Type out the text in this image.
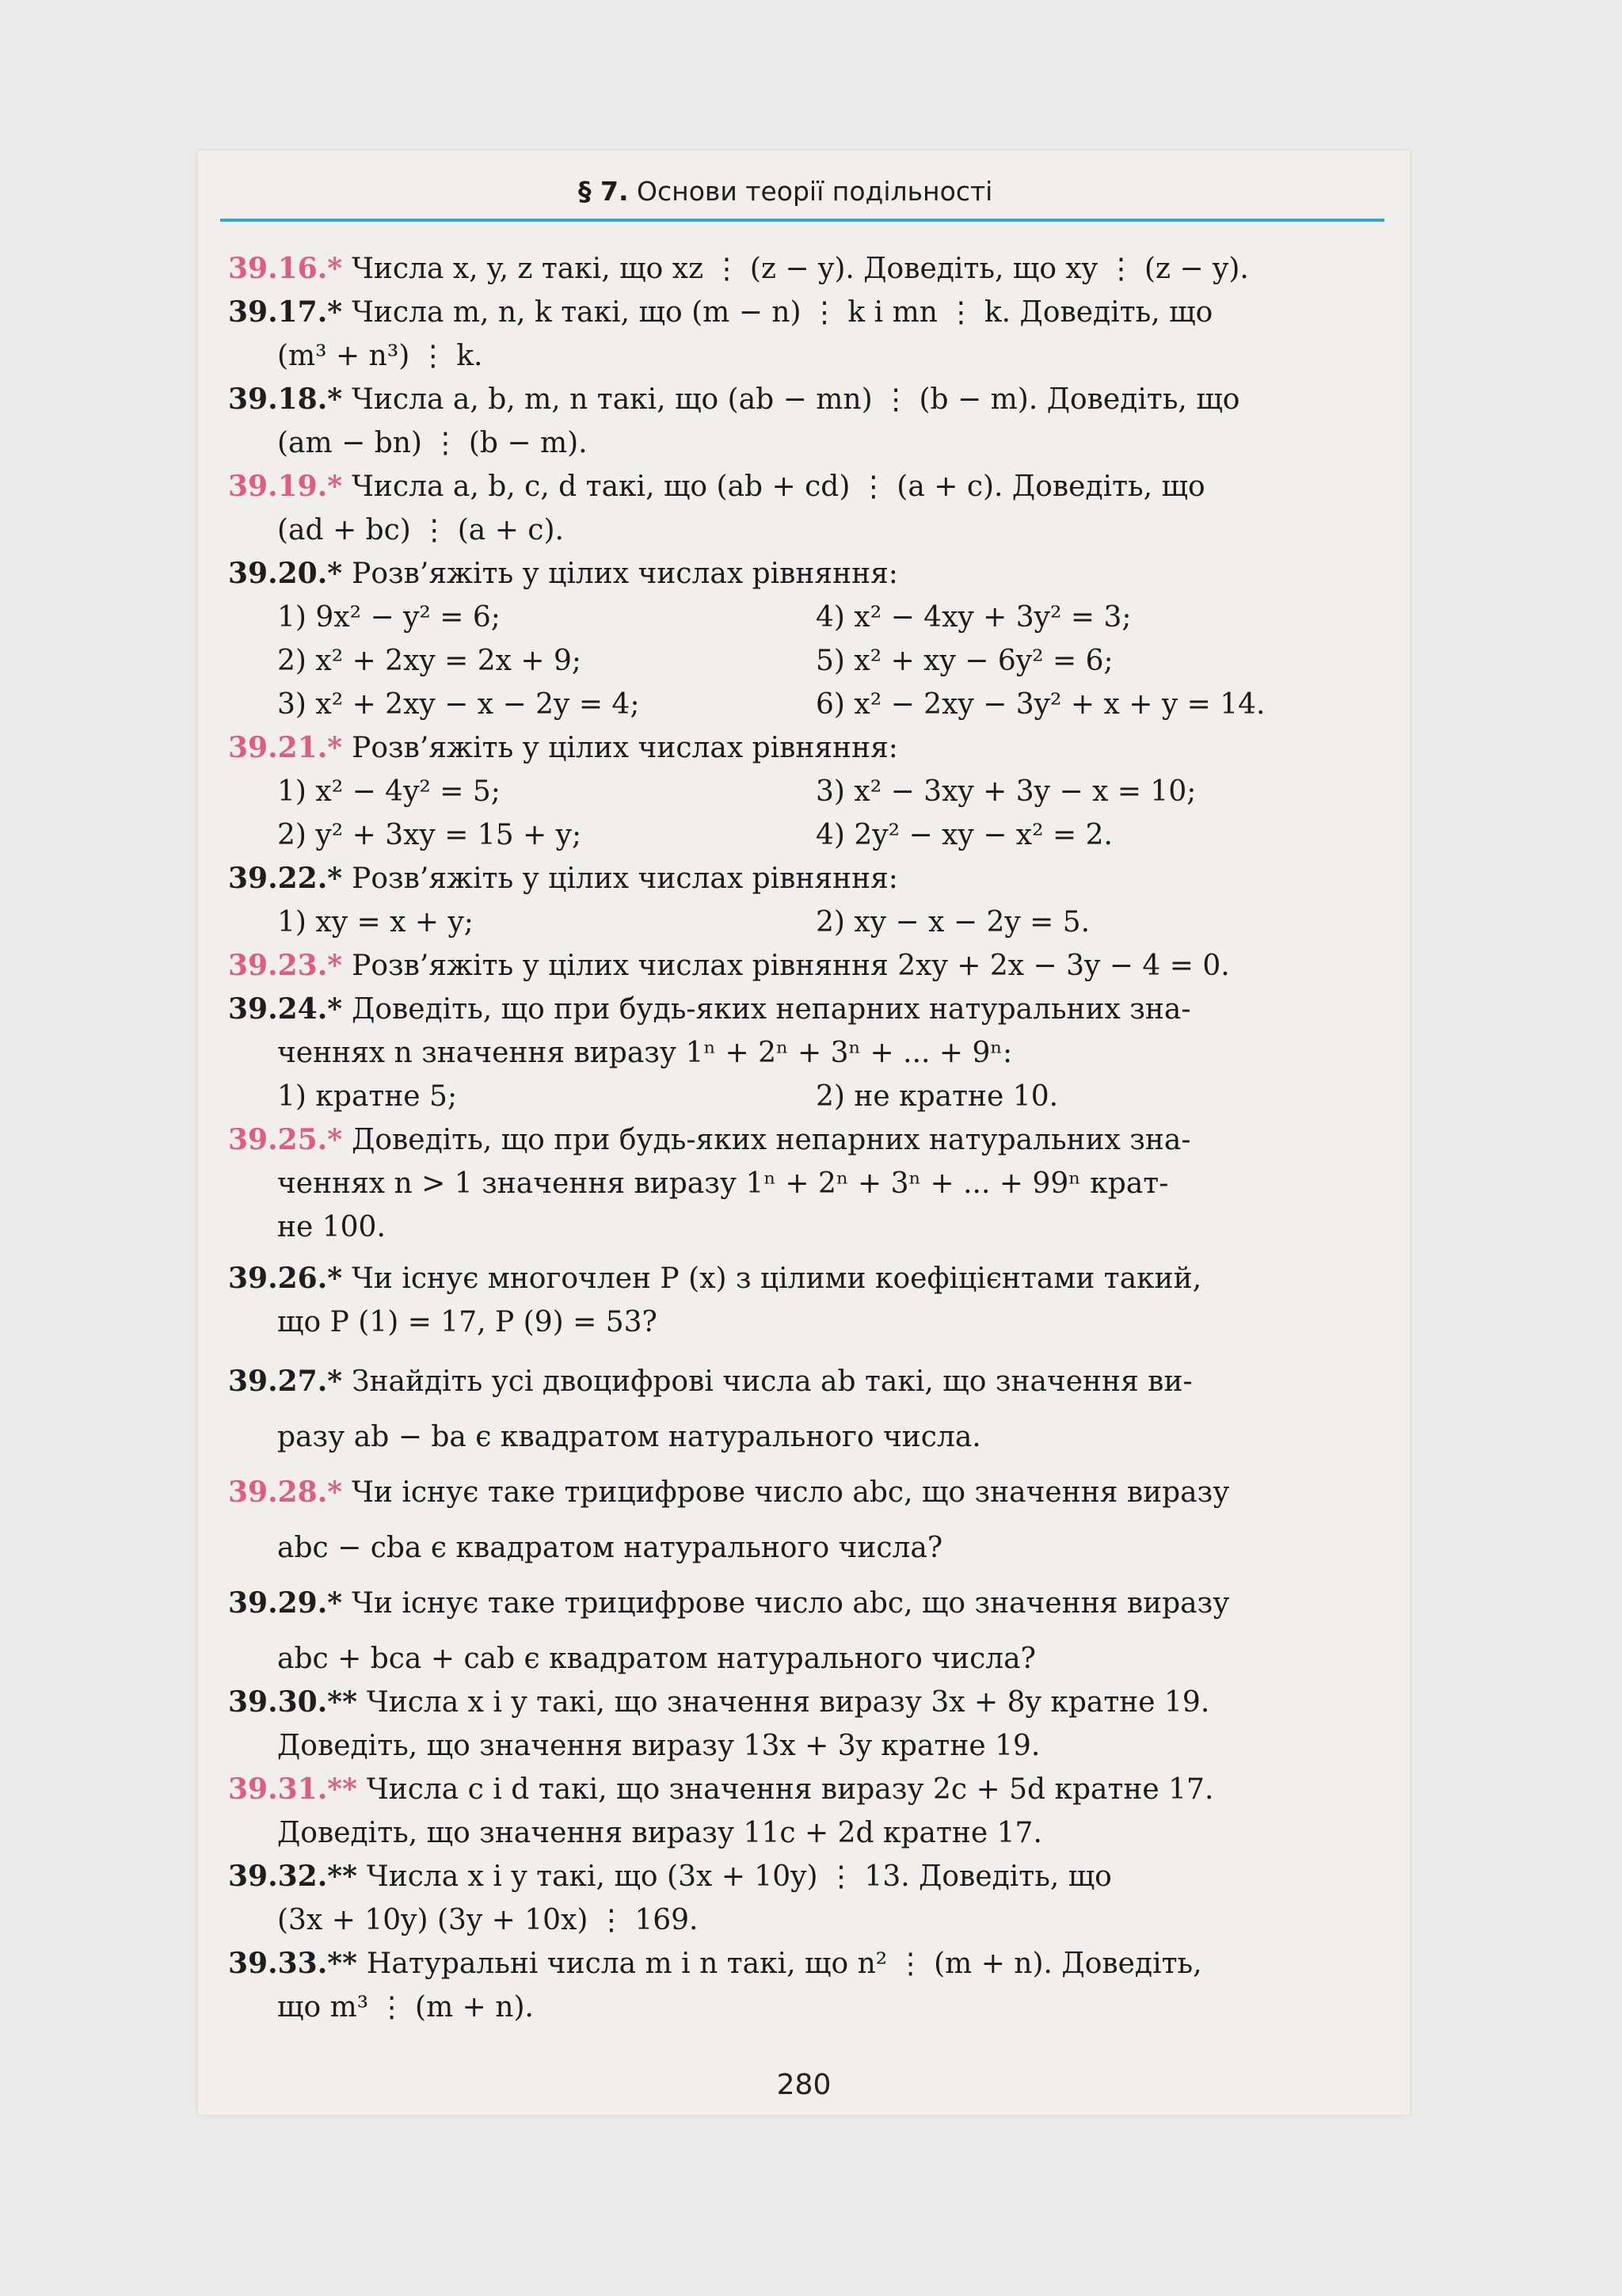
§ 7. Основи теорії подільності
280
39.16.* Числа x, y, z такі, що xz ⋮ (z − y). Доведіть, що xy ⋮ (z − y).
39.17.* Числа m, n, k такі, що (m − n) ⋮ k і mn ⋮ k. Доведіть, що
(m³ + n³) ⋮ k.
39.18.* Числа a, b, m, n такі, що (ab − mn) ⋮ (b − m). Доведіть, що
(am − bn) ⋮ (b − m).
39.19.* Числа a, b, c, d такі, що (ab + cd) ⋮ (a + c). Доведіть, що
(ad + bc) ⋮ (a + c).
39.20.* Розв’яжіть у цілих числах рівняння:
1) 9x² − y² = 6;	4) x² − 4xy + 3y² = 3;
2) x² + 2xy = 2x + 9;	5) x² + xy − 6y² = 6;
3) x² + 2xy − x − 2y = 4;	6) x² − 2xy − 3y² + x + y = 14.
39.21.* Розв’яжіть у цілих числах рівняння:
1) x² − 4y² = 5;	3) x² − 3xy + 3y − x = 10;
2) y² + 3xy = 15 + y;	4) 2y² − xy − x² = 2.
39.22.* Розв’яжіть у цілих числах рівняння:
1) xy = x + y;	2) xy − x − 2y = 5.
39.23.* Розв’яжіть у цілих числах рівняння 2xy + 2x − 3y − 4 = 0.
39.24.* Доведіть, що при будь-яких непарних натуральних зна-
ченнях n значення виразу 1ⁿ + 2ⁿ + 3ⁿ + ... + 9ⁿ:
1) кратне 5;	2) не кратне 10.
39.25.* Доведіть, що при будь-яких непарних натуральних зна-
ченнях n > 1 значення виразу 1ⁿ + 2ⁿ + 3ⁿ + ... + 99ⁿ крат-
не 100.
39.26.* Чи існує многочлен P (x) з цілими коефіцієнтами такий,
що P (1) = 17, P (9) = 53?
39.27.* Знайдіть усі двоцифрові числа ab такі, що значення ви-
разу ab − ba є квадратом натурального числа.
39.28.* Чи існує таке трицифрове число abc, що значення виразу
abc − cba є квадратом натурального числа?
39.29.* Чи існує таке трицифрове число abc, що значення виразу
abc + bca + cab є квадратом натурального числа?
39.30.** Числа x і y такі, що значення виразу 3x + 8y кратне 19.
Доведіть, що значення виразу 13x + 3y кратне 19.
39.31.** Числа c і d такі, що значення виразу 2c + 5d кратне 17.
Доведіть, що значення виразу 11c + 2d кратне 17.
39.32.** Числа x і y такі, що (3x + 10y) ⋮ 13. Доведіть, що
(3x + 10y) (3y + 10x) ⋮ 169.
39.33.** Натуральні числа m і n такі, що n² ⋮ (m + n). Доведіть,
що m³ ⋮ (m + n).
